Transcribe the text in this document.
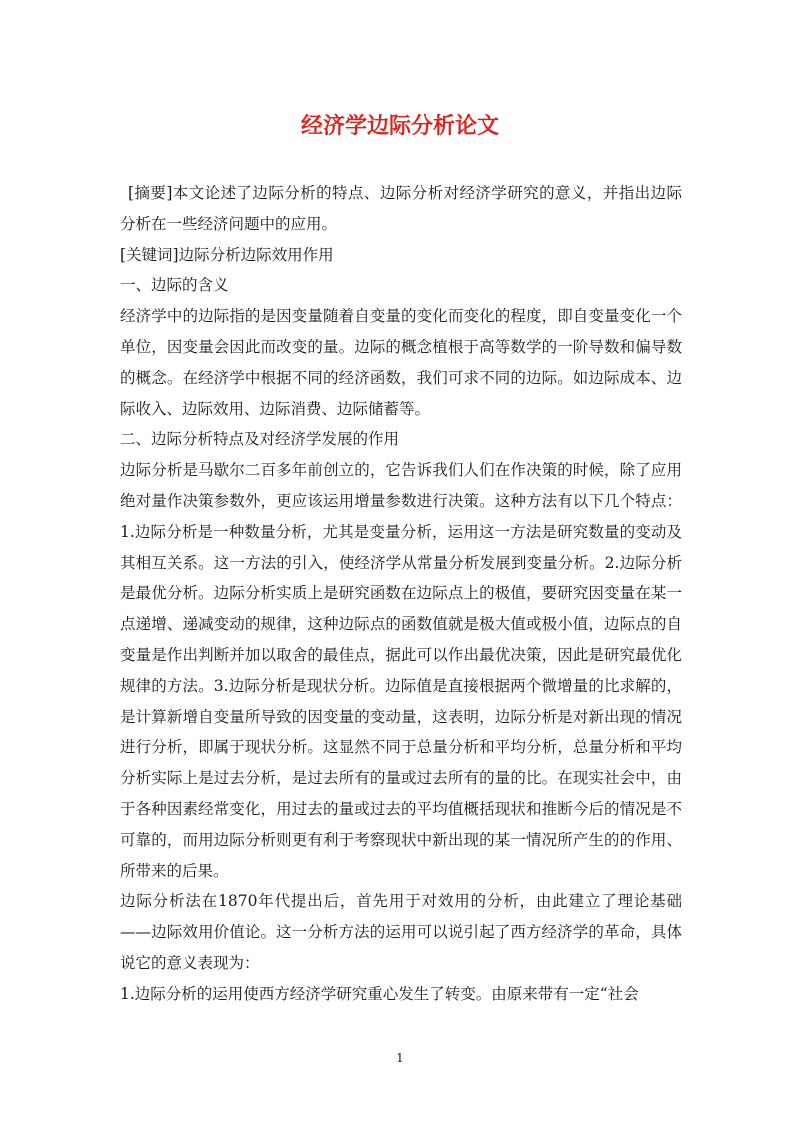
经济学边际分析论文

[摘要]本文论述了边际分析的特点、边际分析对经济学研究的意义，并指出边际分析在一些经济问题中的应用。

[关键词]边际分析边际效用作用

一、边际的含义

经济学中的边际指的是因变量随着自变量的变化而变化的程度，即自变量变化一个单位，因变量会因此而改变的量。边际的概念植根于高等数学的一阶导数和偏导数的概念。在经济学中根据不同的经济函数，我们可求不同的边际。如边际成本、边际收入、边际效用、边际消费、边际储蓄等。

二、边际分析特点及对经济学发展的作用

边际分析是马歇尔二百多年前创立的，它告诉我们人们在作决策的时候，除了应用绝对量作决策参数外，更应该运用增量参数进行决策。这种方法有以下几个特点：1.边际分析是一种数量分析，尤其是变量分析，运用这一方法是研究数量的变动及其相互关系。这一方法的引入，使经济学从常量分析发展到变量分析。2.边际分析是最优分析。边际分析实质上是研究函数在边际点上的极值，要研究因变量在某一点递增、递减变动的规律，这种边际点的函数值就是极大值或极小值，边际点的自变量是作出判断并加以取舍的最佳点，据此可以作出最优决策，因此是研究最优化规律的方法。3.边际分析是现状分析。边际值是直接根据两个微增量的比求解的，是计算新增自变量所导致的因变量的变动量，这表明，边际分析是对新出现的情况进行分析，即属于现状分析。这显然不同于总量分析和平均分析，总量分析和平均分析实际上是过去分析，是过去所有的量或过去所有的量的比。在现实社会中，由于各种因素经常变化，用过去的量或过去的平均值概括现状和推断今后的情况是不可靠的，而用边际分析则更有利于考察现状中新出现的某一情况所产生的的作用、所带来的后果。

边际分析法在1870年代提出后，首先用于对效用的分析，由此建立了理论基础——边际效用价值论。这一分析方法的运用可以说引起了西方经济学的革命，具体说它的意义表现为：

1.边际分析的运用使西方经济学研究重心发生了转变。由原来带有一定“社会

1
